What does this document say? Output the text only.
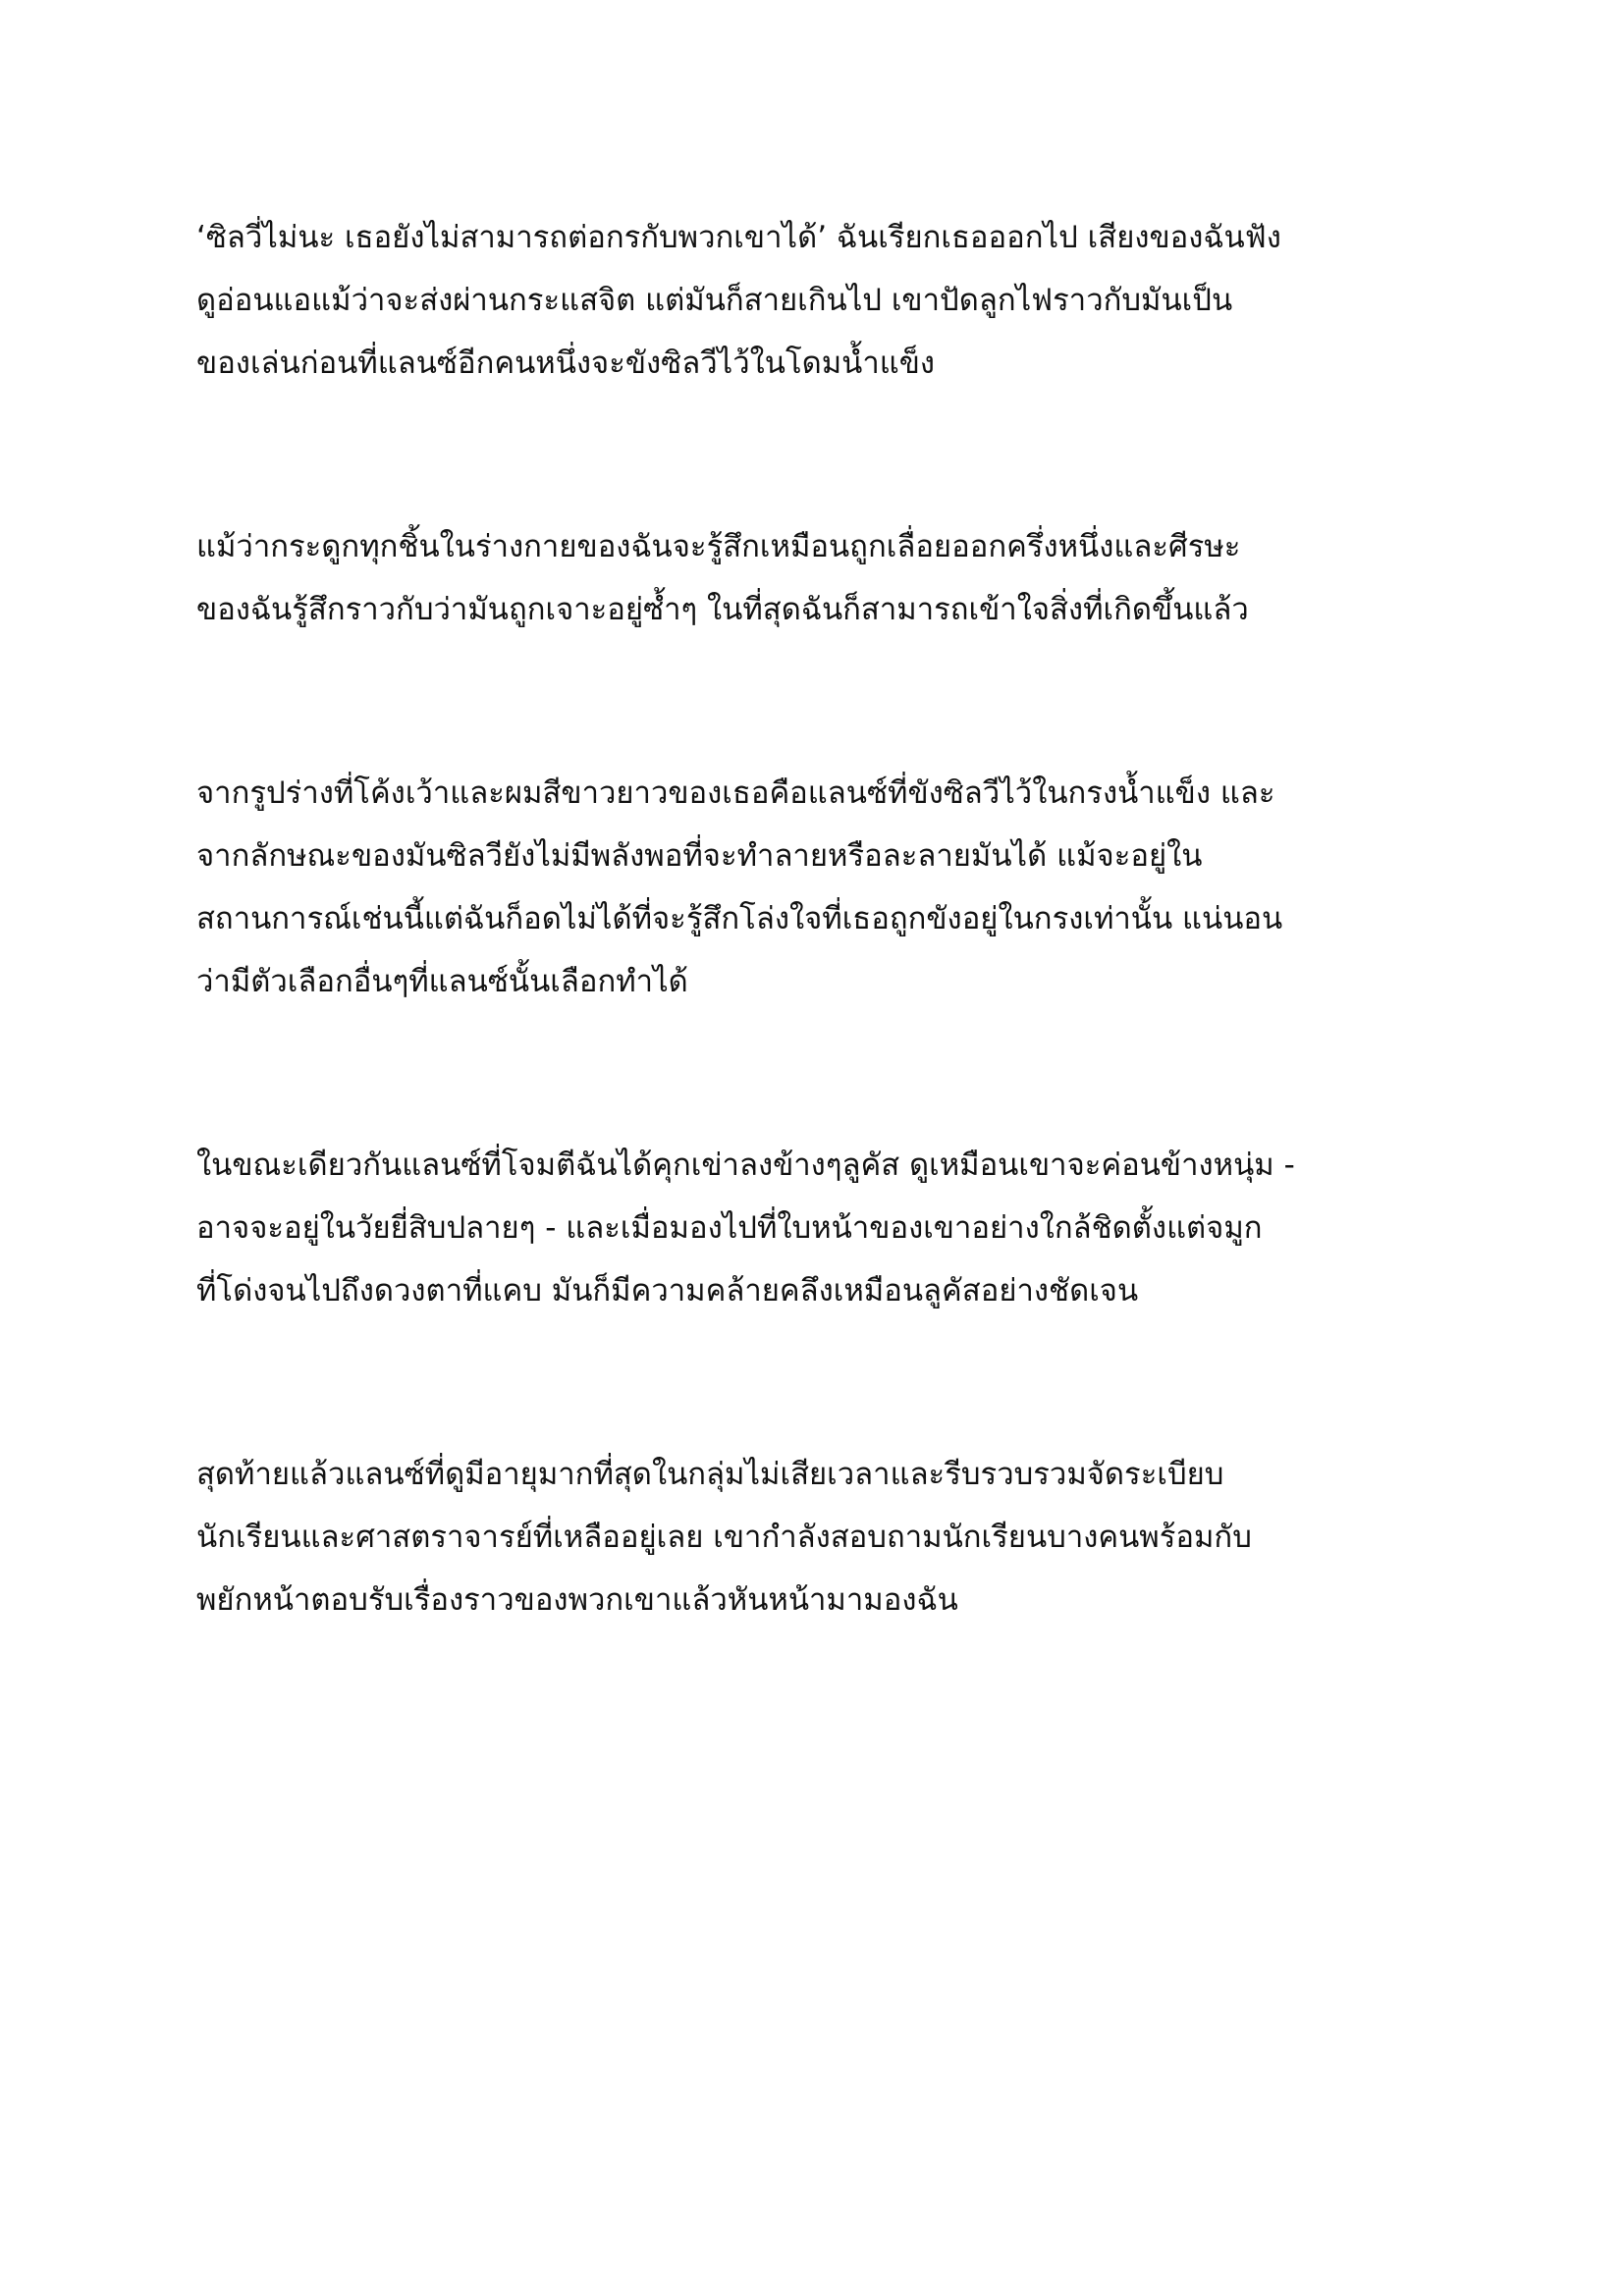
‘ซิลวี่ไม่นะ เธอยังไม่สามารถต่อกรกับพวกเขาได้’ ฉันเรียกเธอออกไป เสียงของฉันฟัง
ดูอ่อนแอแม้ว่าจะส่งผ่านกระแสจิต แต่มันก็สายเกินไป เขาปัดลูกไฟราวกับมันเป็น
ของเล่นก่อนที่แลนซ์อีกคนหนึ่งจะขังซิลวีไว้ในโดมน้ำแข็ง

แม้ว่ากระดูกทุกชิ้นในร่างกายของฉันจะรู้สึกเหมือนถูกเลื่อยออกครึ่งหนึ่งและศีรษะ
ของฉันรู้สึกราวกับว่ามันถูกเจาะอยู่ซ้ำๆ ในที่สุดฉันก็สามารถเข้าใจสิ่งที่เกิดขึ้นแล้ว

จากรูปร่างที่โค้งเว้าและผมสีขาวยาวของเธอคือแลนซ์ที่ขังซิลวีไว้ในกรงน้ำแข็ง และ
จากลักษณะของมันซิลวียังไม่มีพลังพอที่จะทำลายหรือละลายมันได้ แม้จะอยู่ใน
สถานการณ์เช่นนี้แต่ฉันก็อดไม่ได้ที่จะรู้สึกโล่งใจที่เธอถูกขังอยู่ในกรงเท่านั้น แน่นอน
ว่ามีตัวเลือกอื่นๆที่แลนซ์นั้นเลือกทำได้

ในขณะเดียวกันแลนซ์ที่โจมตีฉันได้คุกเข่าลงข้างๆลูคัส ดูเหมือนเขาจะค่อนข้างหนุ่ม -
อาจจะอยู่ในวัยยี่สิบปลายๆ - และเมื่อมองไปที่ใบหน้าของเขาอย่างใกล้ชิดตั้งแต่จมูก
ที่โด่งจนไปถึงดวงตาที่แคบ มันก็มีความคล้ายคลึงเหมือนลูคัสอย่างชัดเจน

สุดท้ายแล้วแลนซ์ที่ดูมีอายุมากที่สุดในกลุ่มไม่เสียเวลาและรีบรวบรวมจัดระเบียบ
นักเรียนและศาสตราจารย์ที่เหลืออยู่เลย เขากำลังสอบถามนักเรียนบางคนพร้อมกับ
พยักหน้าตอบรับเรื่องราวของพวกเขาแล้วหันหน้ามามองฉัน
